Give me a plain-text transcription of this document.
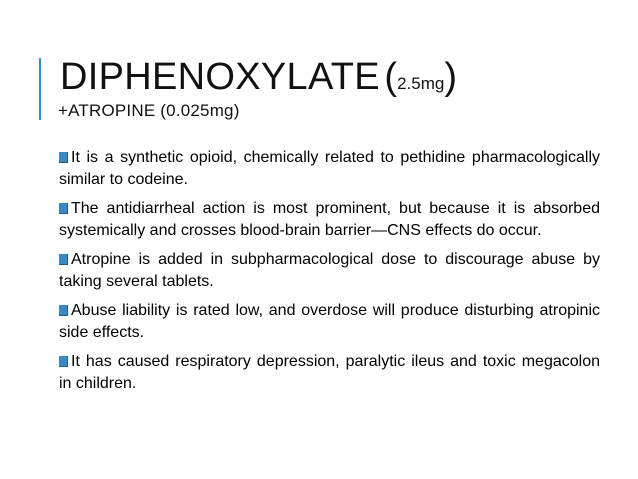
DIPHENOXYLATE (2.5mg)
+ATROPINE (0.025mg)
It is a synthetic opioid, chemically related to pethidine pharmacologically similar to codeine.
The antidiarrheal action is most prominent, but because it is absorbed systemically and crosses blood-brain barrier—CNS effects do occur.
Atropine is added in subpharmacological dose to discourage abuse by taking several tablets.
Abuse liability is rated low, and overdose will produce disturbing atropinic side effects.
It has caused respiratory depression, paralytic ileus and toxic megacolon in children.
